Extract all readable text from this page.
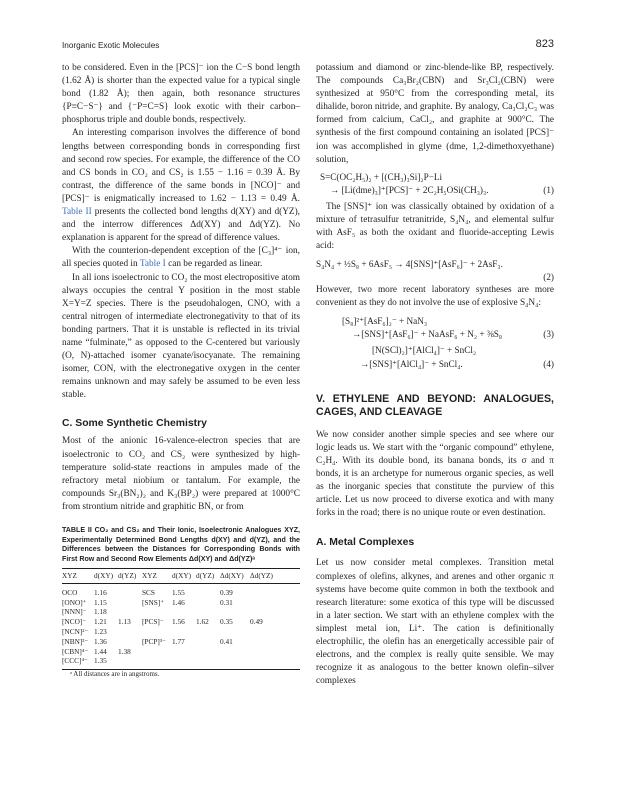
Inorganic Exotic Molecules	823

to be considered. Even in the [PCS]⁻ ion the C−S bond length (1.62 Å) is shorter than the expected value for a typical single bond (1.82 Å); then again, both resonance structures {P≡C−S⁻} and {⁻P=C=S} look exotic with their carbon–phosphorus triple and double bonds, respectively.

An interesting comparison involves the difference of bond lengths between corresponding bonds in corresponding first and second row species. For example, the difference of the CO and CS bonds in CO₂ and CS₂ is 1.55 − 1.16 = 0.39 Å. By contrast, the difference of the same bonds in [NCO]⁻ and [PCS]⁻ is enigmatically increased to 1.62 − 1.13 = 0.49 Å. Table II presents the collected bond lengths d(XY) and d(YZ), and the interrow differences Δd(XY) and Δd(YZ). No explanation is apparent for the spread of difference values.

With the counterion-dependent exception of the [C₃]⁴⁻ ion, all species quoted in Table I can be regarded as linear.

In all ions isoelectronic to CO₂ the most electropositive atom always occupies the central Y position in the most stable X=Y=Z species. There is the pseudohalogen, CNO, with a central nitrogen of intermediate electronegativity to that of its bonding partners. That it is unstable is reflected in its trivial name “fulminate,” as opposed to the C-centered but variously (O, N)-attached isomer cyanate/isocyanate. The remaining isomer, CON, with the electronegative oxygen in the center remains unknown and may safely be assumed to be even less stable.

C. Some Synthetic Chemistry

Most of the anionic 16-valence-electron species that are isoelectronic to CO₂ and CS₂ were synthesized by high-temperature solid-state reactions in ampules made of the refractory metal niobium or tantalum. For example, the compounds Sr₃(BN₂)₂ and K₃(BP₂) were prepared at 1000°C from strontium nitride and graphitic BN, or from

TABLE II CO₂ and CS₂ and Their Ionic, Isoelectronic Analogues XYZ, Experimentally Determined Bond Lengths d(XY) and d(YZ), and the Differences between the Distances for Corresponding Bonds with First Row and Second Row Elements Δd(XY) and Δd(YZ)ᵃ

XYZ	d(XY)	d(YZ)	XYZ	d(XY)	d(YZ)	Δd(XY)	Δd(YZ)
OCO	1.16		SCS	1.55		0.39	
[ONO]⁺	1.15		[SNS]⁺	1.46		0.31	
[NNN]⁻	1.18						
[NCO]⁻	1.21	1.13	[PCS]⁻	1.56	1.62	0.35	0.49
[NCN]²⁻	1.23						
[NBN]³⁻	1.36		[PCP]³⁻	1.77		0.41	
[CBN]⁴⁻	1.44	1.38					
[CCC]⁴⁻	1.35						

ᵃ All distances are in angstroms.

potassium and diamond or zinc-blende-like BP, respectively. The compounds Ca₃Br₂(CBN) and Sr₃Cl₂(CBN) were synthesized at 950°C from the corresponding metal, its dihalide, boron nitride, and graphite. By analogy, Ca₃Cl₂C₃ was formed from calcium, CaCl₂, and graphite at 900°C. The synthesis of the first compound containing an isolated [PCS]⁻ ion was accomplished in glyme (dme, 1,2-dimethoxyethane) solution,

S=C(OC₂H₅)₂ + [(CH₃)₃Si]₂P−Li
→ [Li(dme)₃]⁺[PCS]⁻ + 2C₂H₅OSi(CH₃)₃.	(1)

The [SNS]⁺ ion was classically obtained by oxidation of a mixture of tetrasulfur tetranitride, S₄N₄, and elemental sulfur with AsF₅ as both the oxidant and fluoride-accepting Lewis acid:

S₄N₄ + ½S₈ + 6AsF₅ → 4[SNS]⁺[AsF₆]⁻ + 2AsF₃.
(2)

However, two more recent laboratory syntheses are more convenient as they do not involve the use of explosive S₄N₄:

[S₈]²⁺[AsF₆]₂⁻ + NaN₃
→[SNS]⁺[AsF₆]⁻ + NaAsF₆ + N₂ + ⅜S₈	(3)
[N(SCl)₂]⁺[AlCl₄]⁻ + SnCl₂
→[SNS]⁺[AlCl₄]⁻ + SnCl₄.	(4)

V. ETHYLENE AND BEYOND: ANALOGUES, CAGES, AND CLEAVAGE

We now consider another simple species and see where our logic leads us. We start with the “organic compound” ethylene, C₂H₄. With its double bond, its banana bonds, its σ and π bonds, it is an archetype for numerous organic species, as well as the inorganic species that constitute the purview of this article. Let us now proceed to diverse exotica and with many forks in the road; there is no unique route or even destination.

A. Metal Complexes

Let us now consider metal complexes. Transition metal complexes of olefins, alkynes, and arenes and other organic π systems have become quite common in both the textbook and research literature: some exotica of this type will be discussed in a later section. We start with an ethylene complex with the simplest metal ion, Li⁺. The cation is definitionally electrophilic, the olefin has an energetically accessible pair of electrons, and the complex is really quite sensible. We may recognize it as analogous to the better known olefin–silver complexes
